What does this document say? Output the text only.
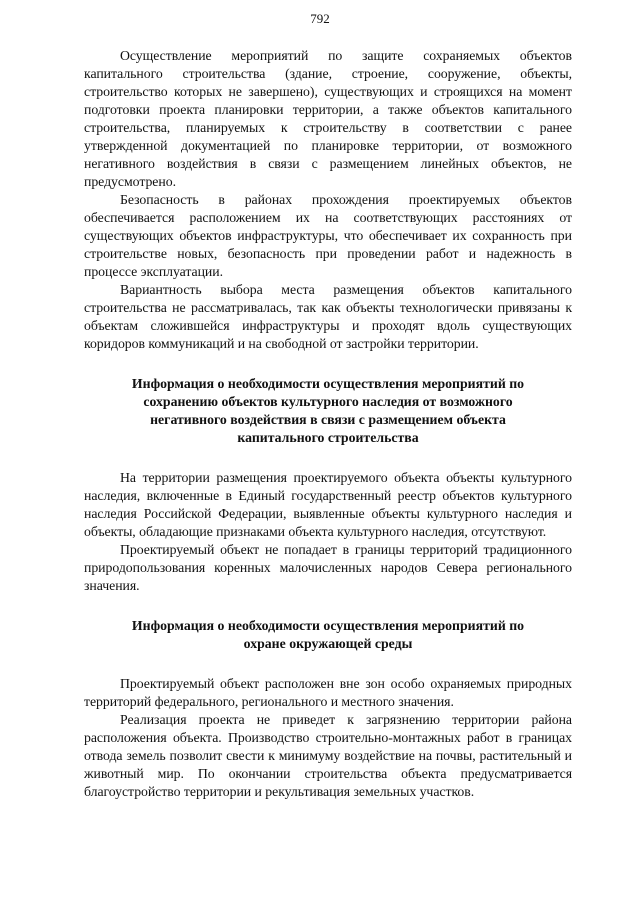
792

Осуществление мероприятий по защите сохраняемых объектов капитального строительства (здание, строение, сооружение, объекты, строительство которых не завершено), существующих и строящихся на момент подготовки проекта планировки территории, а также объектов капитального строительства, планируемых к строительству в соответствии с ранее утвержденной документацией по планировке территории, от возможного негативного воздействия в связи с размещением линейных объектов, не предусмотрено.

Безопасность в районах прохождения проектируемых объектов обеспечивается расположением их на соответствующих расстояниях от существующих объектов инфраструктуры, что обеспечивает их сохранность при строительстве новых, безопасность при проведении работ и надежность в процессе эксплуатации.

Вариантность выбора места размещения объектов капитального строительства не рассматривалась, так как объекты технологически привязаны к объектам сложившейся инфраструктуры и проходят вдоль существующих коридоров коммуникаций и на свободной от застройки территории.

Информация о необходимости осуществления мероприятий по сохранению объектов культурного наследия от возможного негативного воздействия в связи с размещением объекта капитального строительства

На территории размещения проектируемого объекта объекты культурного наследия, включенные в Единый государственный реестр объектов культурного наследия Российской Федерации, выявленные объекты культурного наследия и объекты, обладающие признаками объекта культурного наследия, отсутствуют.

Проектируемый объект не попадает в границы территорий традиционного природопользования коренных малочисленных народов Севера регионального значения.

Информация о необходимости осуществления мероприятий по охране окружающей среды

Проектируемый объект расположен вне зон особо охраняемых природных территорий федерального, регионального и местного значения.

Реализация проекта не приведет к загрязнению территории района расположения объекта. Производство строительно-монтажных работ в границах отвода земель позволит свести к минимуму воздействие на почвы, растительный и животный мир. По окончании строительства объекта предусматривается благоустройство территории и рекультивация земельных участков.
